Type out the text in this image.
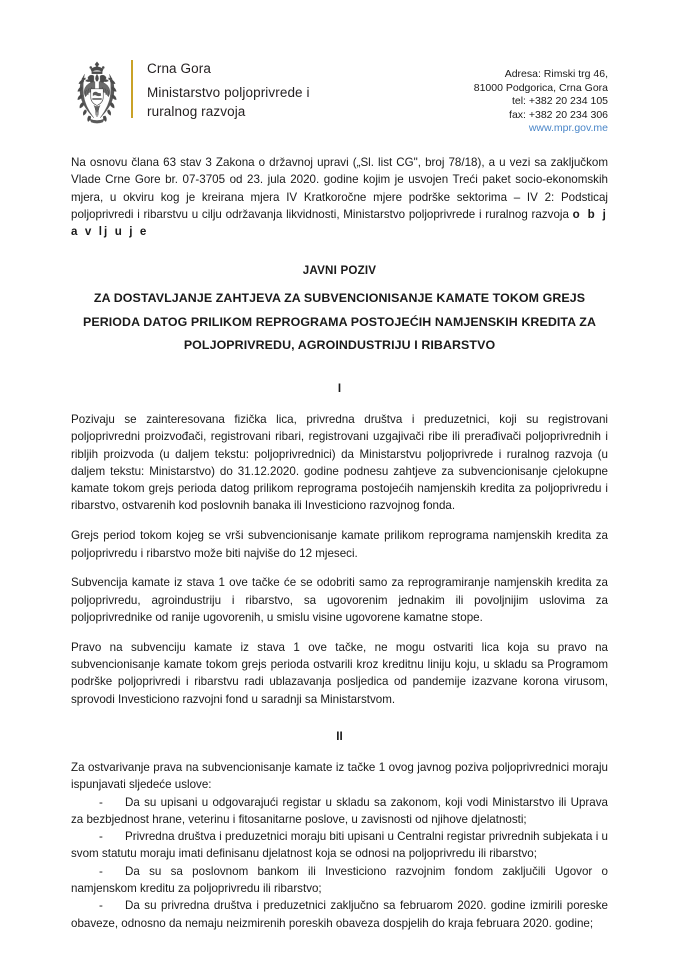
Crna Gora
Ministarstvo poljoprivrede i
ruralnog razvoja
Adresa: Rimski trg 46,
81000 Podgorica, Crna Gora
tel: +382 20 234 105
fax: +382 20 234 306
www.mpr.gov.me

Na osnovu člana 63 stav 3 Zakona o državnoj upravi („Sl. list CG", broj 78/18), a u vezi sa zaključkom Vlade Crne Gore br. 07-3705 od 23. jula 2020. godine kojim je usvojen Treći paket socio-ekonomskih mjera, u okviru kog je kreirana mjera IV Kratkoročne mjere podrške sektorima – IV 2: Podsticaj poljoprivredi i ribarstvu u cilju održavanja likvidnosti, Ministarstvo poljoprivrede i ruralnog razvoja o b j a v lj u j e

JAVNI POZIV
ZA DOSTAVLJANJE ZAHTJEVA ZA SUBVENCIONISANJE KAMATE TOKOM GREJS
PERIODA DATOG PRILIKOM REPROGRAMA POSTOJEĆIH NAMJENSKIH KREDITA ZA
POLJOPRIVREDU, AGROINDUSTRIJU I RIBARSTVO
I

Pozivaju se zainteresovana fizička lica, privredna društva i preduzetnici, koji su registrovani poljoprivredni proizvođači, registrovani ribari, registrovani uzgajivači ribe ili prerađivači poljoprivrednih i ribljih proizvoda (u daljem tekstu: poljoprivrednici) da Ministarstvu poljoprivrede i ruralnog razvoja (u daljem tekstu: Ministarstvo) do 31.12.2020. godine podnesu zahtjeve za subvencionisanje cjelokupne kamate tokom grejs perioda datog prilikom reprograma postojećih namjenskih kredita za poljoprivredu i ribarstvo, ostvarenih kod poslovnih banaka ili Investiciono razvojnog fonda.

Grejs period tokom kojeg se vrši subvencionisanje kamate prilikom reprograma namjenskih kredita za poljoprivredu i ribarstvo može biti najviše do 12 mjeseci.

Subvencija kamate iz stava 1 ove tačke će se odobriti samo za reprogramiranje namjenskih kredita za poljoprivredu, agroindustriju i ribarstvo, sa ugovorenim jednakim ili povoljnijim uslovima za poljoprivrednike od ranije ugovorenih, u smislu visine ugovorene kamatne stope.

Pravo na subvenciju kamate iz stava 1 ove tačke, ne mogu ostvariti lica koja su pravo na subvencionisanje kamate tokom grejs perioda ostvarili kroz kreditnu liniju koju, u skladu sa Programom podrške poljoprivredi i ribarstvu radi ublazavanja posljedica od pandemije izazvane korona virusom, sprovodi Investiciono razvojni fond u saradnji sa Ministarstvom.

II

Za ostvarivanje prava na subvencionisanje kamate iz tačke 1 ovog javnog poziva poljoprivrednici moraju ispunjavati sljedeće uslove:

- Da su upisani u odgovarajući registar u skladu sa zakonom, koji vodi Ministarstvo ili Uprava za bezbjednost hrane, veterinu i fitosanitarne poslove, u zavisnosti od njihove djelatnosti;
- Privredna društva i preduzetnici moraju biti upisani u Centralni registar privrednih subjekata i u svom statutu moraju imati definisanu djelatnost koja se odnosi na poljoprivredu ili ribarstvo;
- Da su sa poslovnom bankom ili Investiciono razvojnim fondom zaključili Ugovor o namjenskom kreditu za poljoprivredu ili ribarstvo;
- Da su privredna društva i preduzetnici zaključno sa februarom 2020. godine izmirili poreske obaveze, odnosno da nemaju neizmirenih poreskih obaveza dospjelih do kraja februara 2020. godine;
